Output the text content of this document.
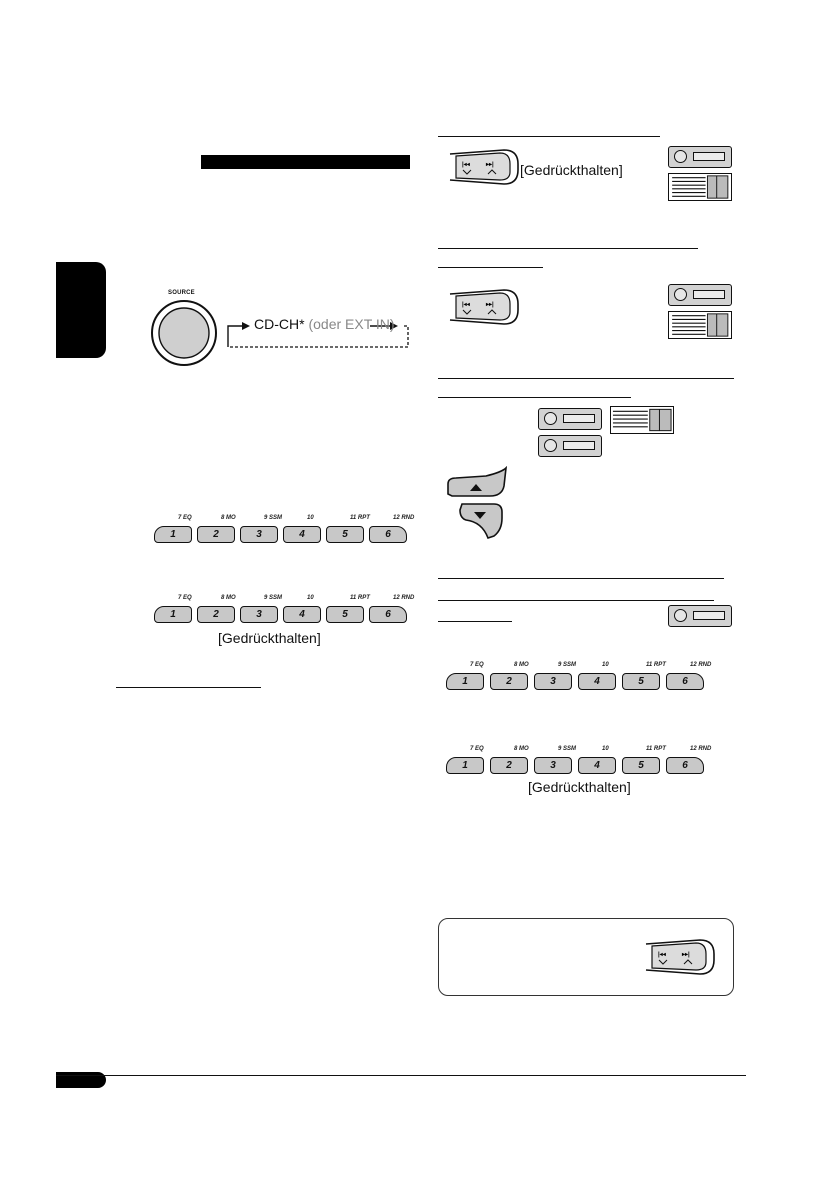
SOURCE
CD-CH* (oder EXT IN)
7 EQ
1
8 MO
2
9 SSM
3
10
4
11 RPT
5
12 RND
6
7 EQ
1
8 MO
2
9 SSM
3
10
4
11 RPT
5
12 RND
6
[Gedrückthalten]
|◂◂	▸▸| [Gedrückthalten]
|◂◂	▸▸|
7 EQ
1
8 MO
2
9 SSM
3
10
4
11 RPT
5
12 RND
6
7 EQ
1
8 MO
2
9 SSM
3
10
4
11 RPT
5
12 RND
6
[Gedrückthalten]
|◂◂	▸▸|
